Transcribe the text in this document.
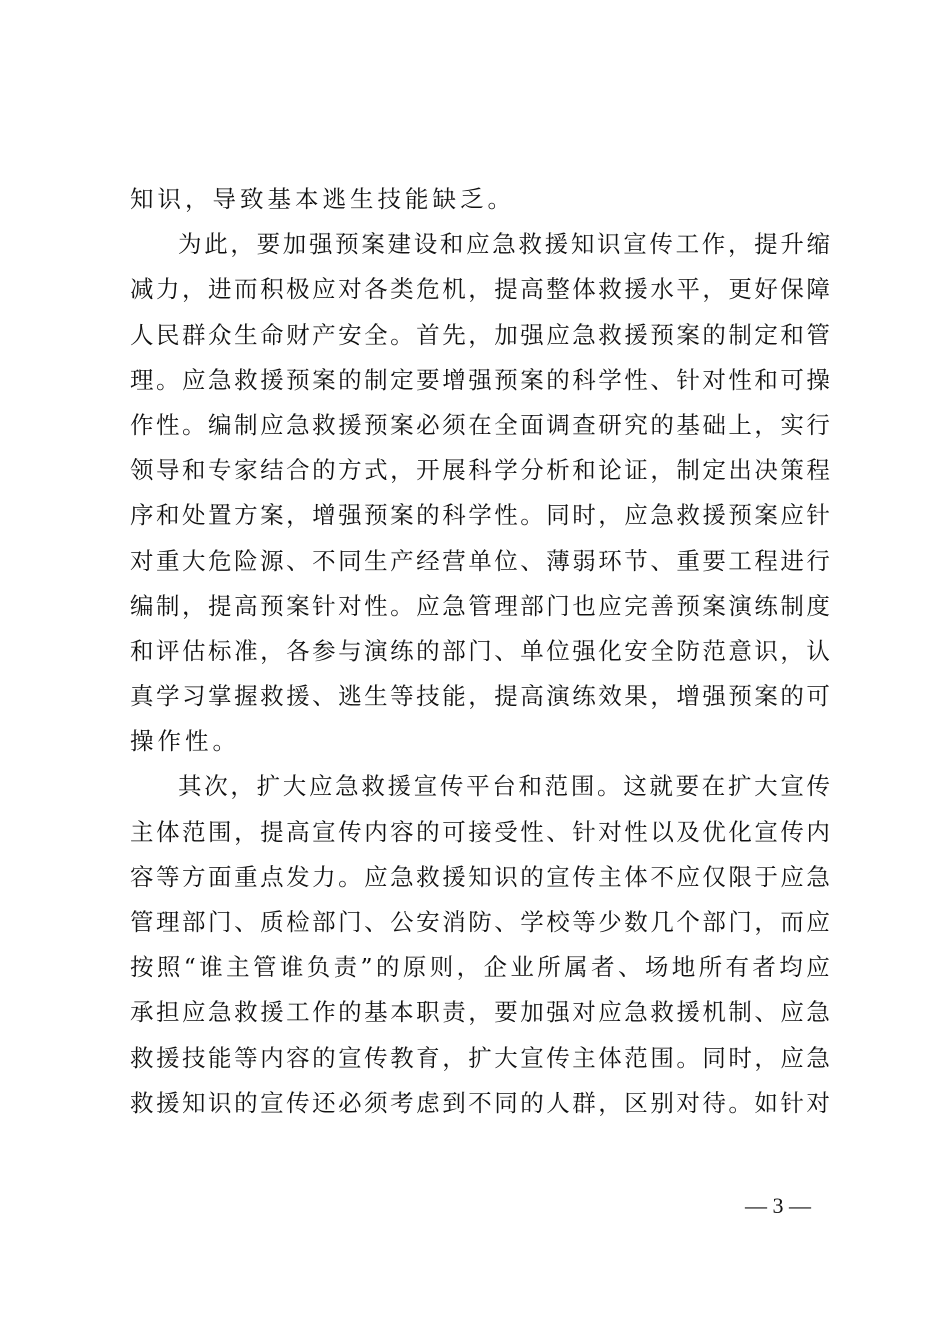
知识，导致基本逃生技能缺乏。
为 此 ， 要 加 强 预 案 建 设 和 应 急 救 援 知 识 宣 传 工 作 ， 提 升 缩
减 力 ， 进 而 积 极 应 对 各 类 危 机 ， 提 高 整 体 救 援 水 平 ， 更 好 保 障
人 民 群 众 生 命 财 产 安 全 。 首 先 ， 加 强 应 急 救 援 预 案 的 制 定 和 管
理 。 应 急 救 援 预 案 的 制 定 要 增 强 预 案 的 科 学 性 、 针 对 性 和 可 操
作 性 。 编 制 应 急 救 援 预 案 必 须 在 全 面 调 查 研 究 的 基 础 上 ， 实 行
领 导 和 专 家 结 合 的 方 式 ， 开 展 科 学 分 析 和 论 证 ， 制 定 出 决 策 程
序 和 处 置 方 案 ， 增 强 预 案 的 科 学 性 。 同 时 ， 应 急 救 援 预 案 应 针
对 重 大 危 险 源 、 不 同 生 产 经 营 单 位 、 薄 弱 环 节 、 重 要 工 程 进 行
编 制 ， 提 高 预 案 针 对 性 。 应 急 管 理 部 门 也 应 完 善 预 案 演 练 制 度
和 评 估 标 准 ， 各 参 与 演 练 的 部 门 、 单 位 强 化 安 全 防 范 意 识 ， 认
真 学 习 掌 握 救 援 、 逃 生 等 技 能 ， 提 高 演 练 效 果 ， 增 强 预 案 的 可
操作性。
其 次 ， 扩 大 应 急 救 援 宣 传 平 台 和 范 围 。 这 就 要 在 扩 大 宣 传
主 体 范 围 ， 提 高 宣 传 内 容 的 可 接 受 性 、 针 对 性 以 及 优 化 宣 传 内
容 等 方 面 重 点 发 力 。 应 急 救 援 知 识 的 宣 传 主 体 不 应 仅 限 于 应 急
管 理 部 门 、 质 检 部 门 、 公 安 消 防 、 学 校 等 少 数 几 个 部 门 ， 而 应
按 照 “ 谁 主 管 谁 负 责 ” 的 原 则 ， 企 业 所 属 者 、 场 地 所 有 者 均 应
承 担 应 急 救 援 工 作 的 基 本 职 责 ， 要 加 强 对 应 急 救 援 机 制 、 应 急
救 援 技 能 等 内 容 的 宣 传 教 育 ， 扩 大 宣 传 主 体 范 围 。 同 时 ， 应 急
救 援 知 识 的 宣 传 还 必 须 考 虑 到 不 同 的 人 群 ， 区 别 对 待 。 如 针 对
— 3 —
